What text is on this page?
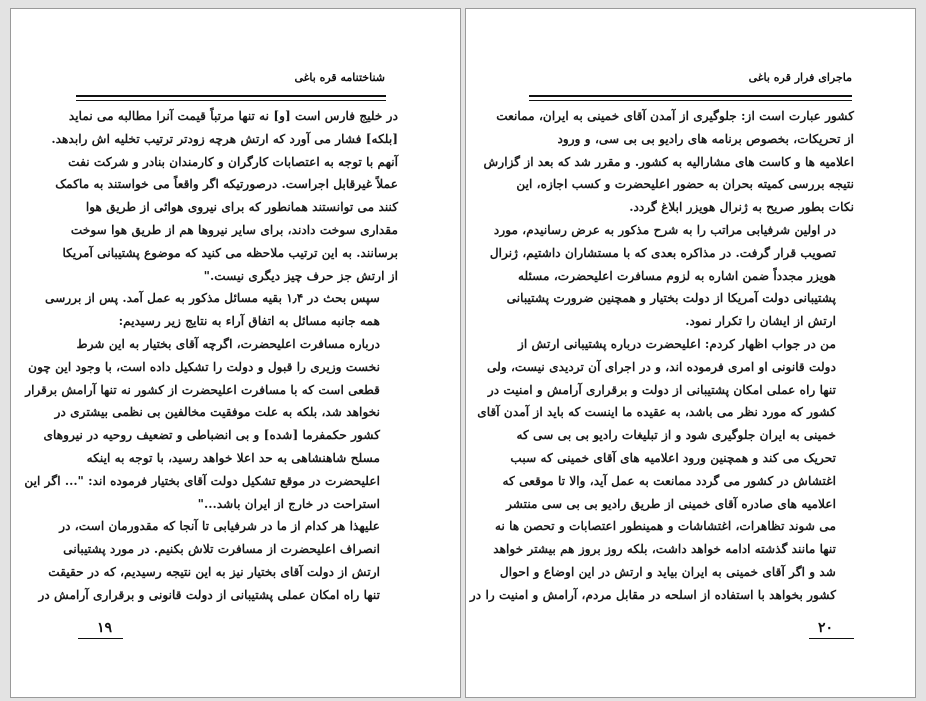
شناختنامه قره باغی
در خلیج فارس است [و] نه تنها مرتباً قیمت آنرا مطالبه می نماید
[بلکه] فشار می آورد که ارتش هرچه زودتر ترتیب تخلیه اش رابدهد.
آنهم با توجه به اعتصابات کارگران و کارمندان بنادر و شرکت نفت
عملاً غیرقابل اجراست. درصورتیکه اگر واقعاً می خواستند به ماکمک
کنند می توانستند همانطور که برای نیروی هوائی از طریق هوا
مقداری سوخت دادند، برای سایر نیروها هم از طریق هوا سوخت
برسانند. به این ترتیب ملاحظه می کنید که موضوع پشتیبانی آمریکا
از ارتش جز حرف چیز دیگری نیست."
سپس بحث در ۱٫۴ بقیه مسائل مذکور به عمل آمد. پس از بررسی
همه جانبه مسائل به اتفاق آراء به نتایج زیر رسیدیم:
درباره مسافرت اعلیحضرت، اگرچه آقای بختیار به این شرط
نخست وزیری را قبول و دولت را تشکیل داده است، با وجود این چون
قطعی است که با مسافرت اعلیحضرت از کشور نه تنها آرامش برقرار
نخواهد شد، بلکه به علت موفقیت مخالفین بی نظمی بیشتری در
کشور حکمفرما [شده] و بی انضباطی و تضعیف روحیه در نیروهای
مسلح شاهنشاهی به حد اعلا خواهد رسید، با توجه به اینکه
اعلیحضرت در موقع تشکیل دولت آقای بختیار فرموده اند: "... اگر این
استراحت در خارج از ایران باشد..."
علیهذا هر کدام از ما در شرفیابی تا آنجا که مقدورمان است، در
انصراف اعلیحضرت از مسافرت تلاش بکنیم. در مورد پشتیبانی
ارتش از دولت آقای بختیار نیز به این نتیجه رسیدیم، که در حقیقت
تنها راه امکان عملی پشتیبانی از دولت قانونی و برقراری آرامش در
۱۹
ماجرای فرار قره باغی
کشور عبارت است از: جلوگیری از آمدن آقای خمینی به ایران، ممانعت
از تحریکات، بخصوص برنامه های رادیو بی بی سی، و ورود
اعلامیه ها و کاست های مشارالیه به کشور. و مقرر شد که بعد از گزارش
نتیجه بررسی کمیته بحران به حضور اعلیحضرت و کسب اجازه، این
نکات بطور صریح به ژنرال هویزر ابلاغ گردد.
در اولین شرفیابی مراتب را به شرح مذکور به عرض رسانیدم، مورد
تصویب قرار گرفت. در مذاکره بعدی که با مستشاران داشتیم، ژنرال
هویزر مجدداً ضمن اشاره به لزوم مسافرت اعلیحضرت، مسئله
پشتیبانی دولت آمریکا از دولت بختیار و همچنین ضرورت پشتیبانی
ارتش از ایشان را تکرار نمود.
من در جواب اظهار کردم: اعلیحضرت درباره پشتیبانی ارتش از
دولت قانونی او امری فرموده اند، و در اجرای آن تردیدی نیست، ولی
تنها راه عملی امکان پشتیبانی از دولت و برقراری آرامش و امنیت در
کشور که مورد نظر می باشد، به عقیده ما اینست که باید از آمدن آقای
خمینی به ایران جلوگیری شود و از تبلیغات رادیو بی بی سی که
تحریک می کند و همچنین ورود اعلامیه های آقای خمینی که سبب
اغتشاش در کشور می گردد ممانعت به عمل آید، والا تا موقعی که
اعلامیه های صادره آقای خمینی از طریق رادیو بی بی سی منتشر
می شوند تظاهرات، اغتشاشات و همینطور اعتصابات و تحصن ها نه
تنها مانند گذشته ادامه خواهد داشت، بلکه روز بروز هم بیشتر خواهد
شد و اگر آقای خمینی به ایران بیاید و ارتش در این اوضاع و احوال
کشور بخواهد با استفاده از اسلحه در مقابل مردم، آرامش و امنیت را در
۲۰
